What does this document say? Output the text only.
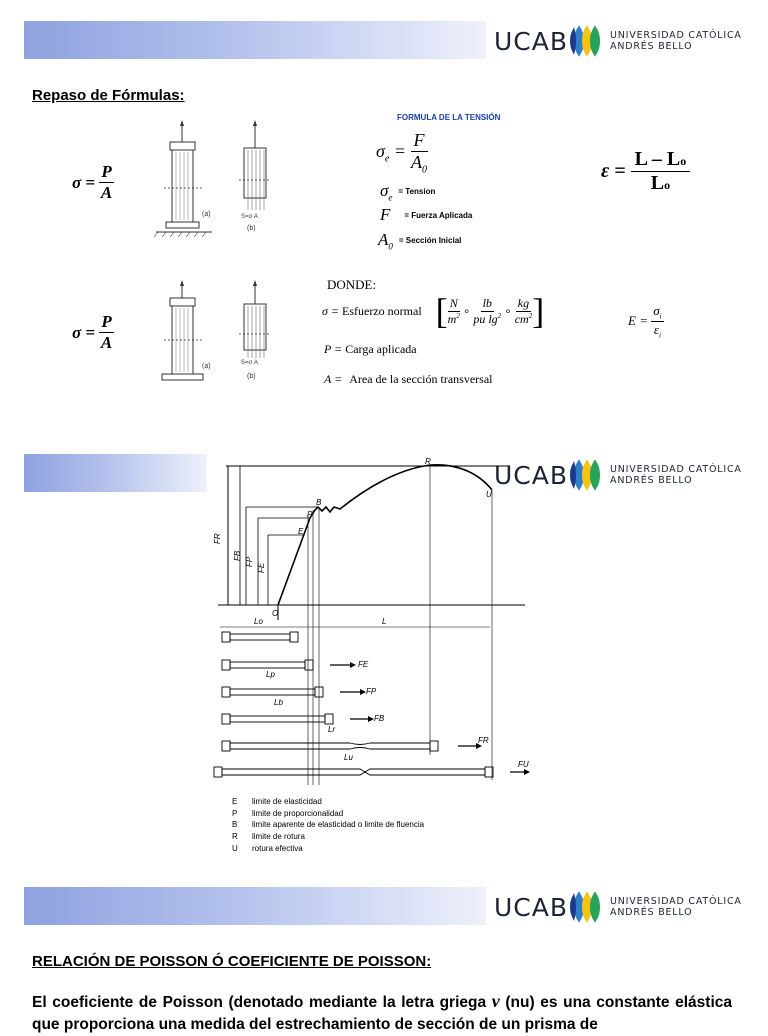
UCAB	UNIVERSIDAD CATÓLICA
ANDRÉS BELLO
Repaso de Fórmulas:
$\sigma = \frac{P}{A}$
(a)	S=σ A
(b)
FORMULA DE LA TENSIÓN
$\sigma_e = \frac{F}{A_0}$
$\sigma_e$
= Tension
F = Fuerza Aplicada
$A_0$
= Sección Inicial
$\varepsilon = \frac{L - Lo}{Lo}$
$\sigma = \frac{P}{A}$
(a)	S=σ A
(b)
DONDE:
σ = Esfuerzo normal [ N
$m^2$ ∘
lb
pu $\lg^2$ ∘
kg
$cm^2$ ]
P = Carga aplicada
A = Area de la sección transversal
$E = \frac{\sigma_i}{\varepsilon_i}$
UCAB	UNIVERSIDAD CATÓLICA
ANDRÉS BELLO
R
U
B
P
E
O
FR
FB
FP
FE
Lo	L
FE
FP
FB
FR
FU
Lp
Lb
Lr
Lu
E limite de elasticidad
P limite de proporcionalidad
B limite aparente de elasticidad o limite de fluencia
R limite de rotura
U rotura efectiva
UCAB	UNIVERSIDAD CATÓLICA
ANDRÉS BELLO
RELACIÓN DE POISSON Ó COEFICIENTE DE POISSON:
El coeficiente de Poisson (denotado mediante la letra griega ν (nu) es una constante elástica que proporciona una medida del estrechamiento de sección de un prisma de
